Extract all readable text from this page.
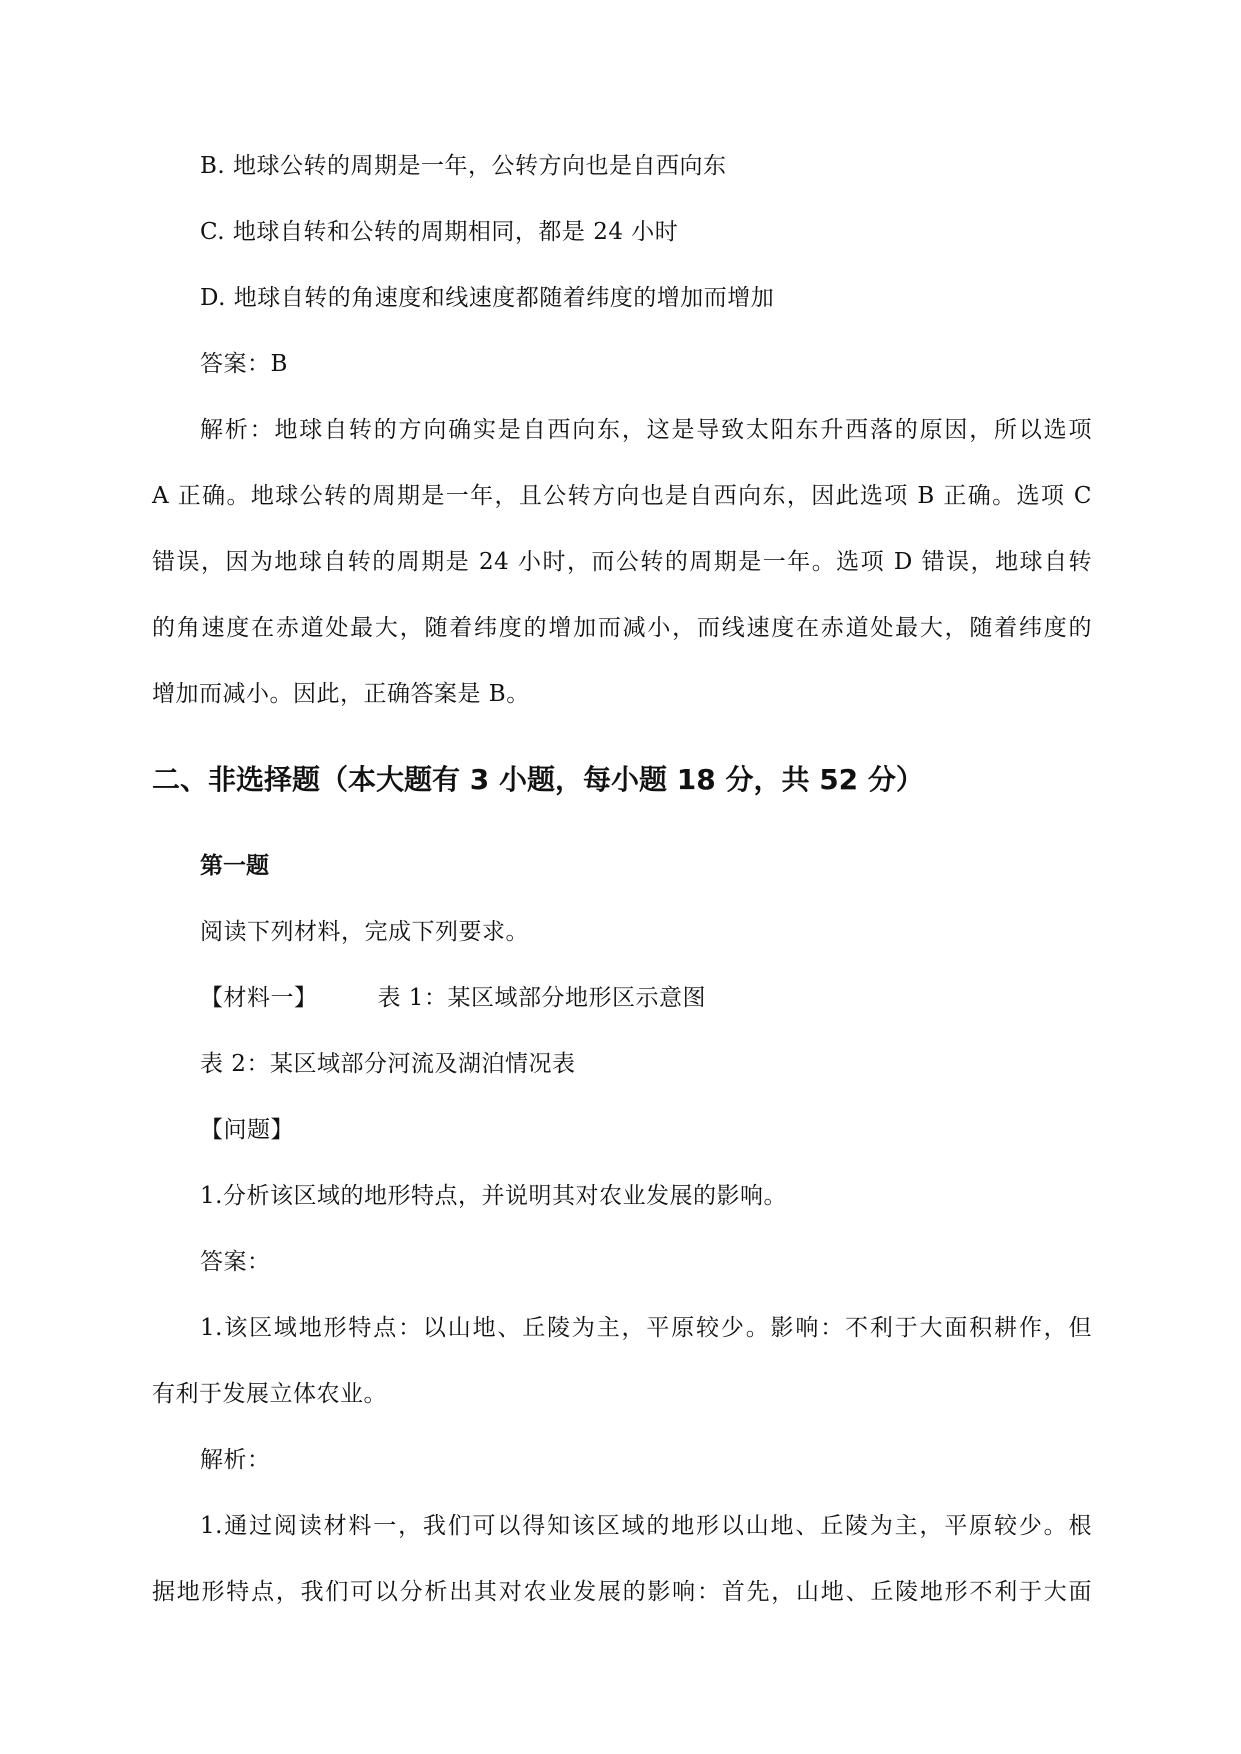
B. 地球公转的周期是一年，公转方向也是自西向东
C. 地球自转和公转的周期相同，都是 24 小时
D. 地球自转的角速度和线速度都随着纬度的增加而增加
答案：B
解析：地球自转的方向确实是自西向东，这是导致太阳东升西落的原因，所以选项
A 正确。地球公转的周期是一年，且公转方向也是自西向东，因此选项 B 正确。选项 C
错误，因为地球自转的周期是 24 小时，而公转的周期是一年。选项 D 错误，地球自转
的角速度在赤道处最大，随着纬度的增加而减小，而线速度在赤道处最大，随着纬度的
增加而减小。因此，正确答案是 B。
二、非选择题（本大题有 3 小题，每小题 18 分，共 52 分）
第一题
阅读下列材料，完成下列要求。
【材料一】	表 1：某区域部分地形区示意图
表 2：某区域部分河流及湖泊情况表
【问题】
1.分析该区域的地形特点，并说明其对农业发展的影响。
答案：
1.该区域地形特点：以山地、丘陵为主，平原较少。影响：不利于大面积耕作，但
有利于发展立体农业。
解析：
1.通过阅读材料一，我们可以得知该区域的地形以山地、丘陵为主，平原较少。根
据地形特点，我们可以分析出其对农业发展的影响：首先，山地、丘陵地形不利于大面
